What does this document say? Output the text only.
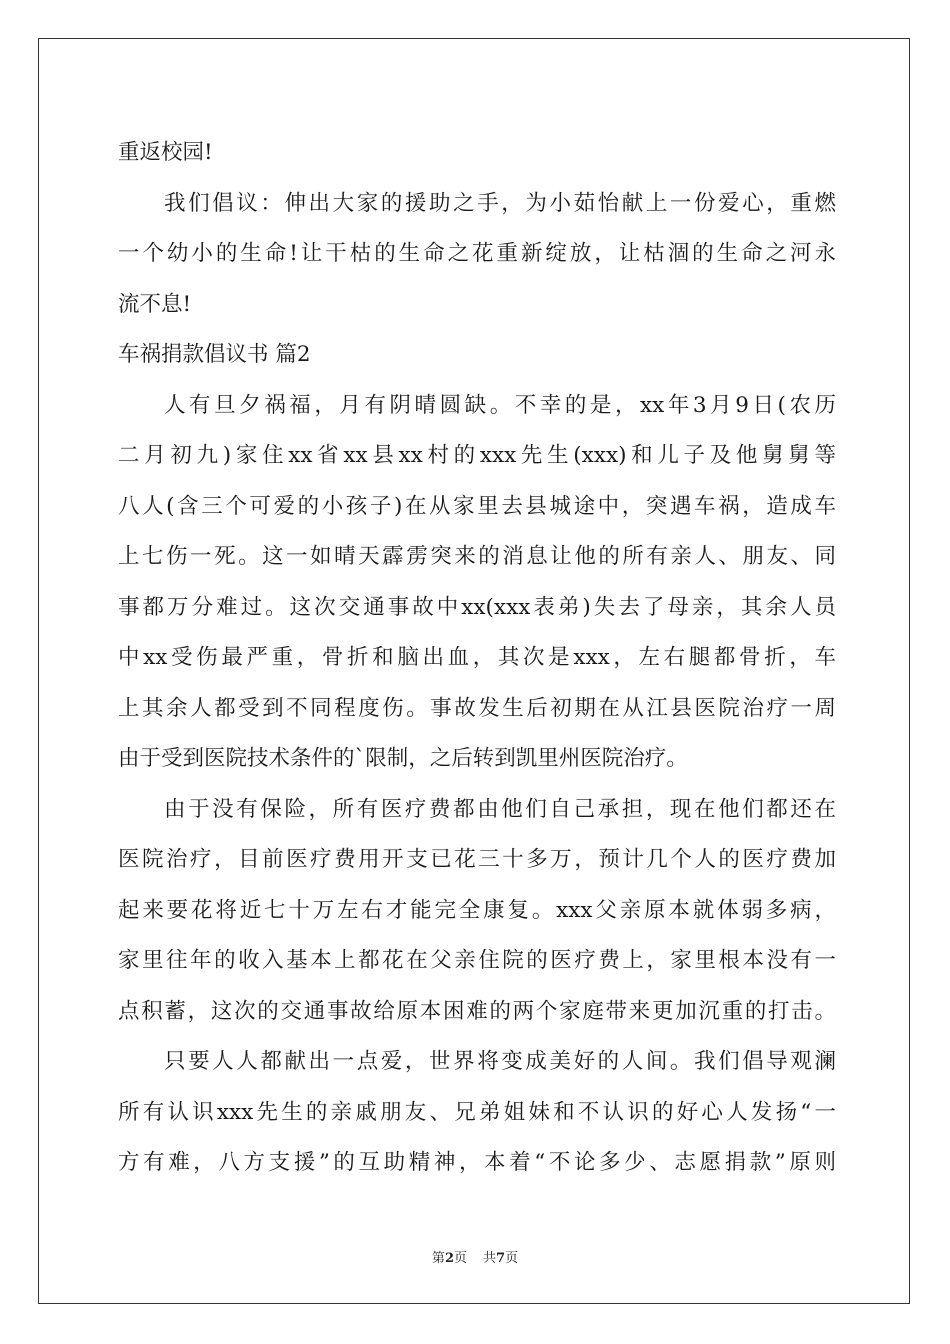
重返校园!
我们倡议：伸出大家的援助之手，为小茹怡献上一份爱心，重燃
一个幼小的生命!让干枯的生命之花重新绽放，让枯涸的生命之河永
流不息!
车祸捐款倡议书 篇2
人有旦夕祸福，月有阴晴圆缺。不幸的是，xx年3月9日(农历
二月初九)家住xx省xx县xx村的xxx先生(xxx)和儿子及他舅舅等
八人(含三个可爱的小孩子)在从家里去县城途中，突遇车祸，造成车
上七伤一死。这一如晴天霹雳突来的消息让他的所有亲人、朋友、同
事都万分难过。这次交通事故中xx(xxx表弟)失去了母亲，其余人员
中xx受伤最严重，骨折和脑出血，其次是xxx，左右腿都骨折，车
上其余人都受到不同程度伤。事故发生后初期在从江县医院治疗一周
由于受到医院技术条件的`限制，之后转到凯里州医院治疗。
由于没有保险，所有医疗费都由他们自己承担，现在他们都还在
医院治疗，目前医疗费用开支已花三十多万，预计几个人的医疗费加
起来要花将近七十万左右才能完全康复。xxx父亲原本就体弱多病，
家里往年的收入基本上都花在父亲住院的医疗费上，家里根本没有一
点积蓄，这次的交通事故给原本困难的两个家庭带来更加沉重的打击。
只要人人都献出一点爱，世界将变成美好的人间。我们倡导观澜
所有认识xxx先生的亲戚朋友、兄弟姐妹和不认识的好心人发扬“一
方有难，八方支援”的互助精神，本着“不论多少、志愿捐款”原则
第2页 共7页
